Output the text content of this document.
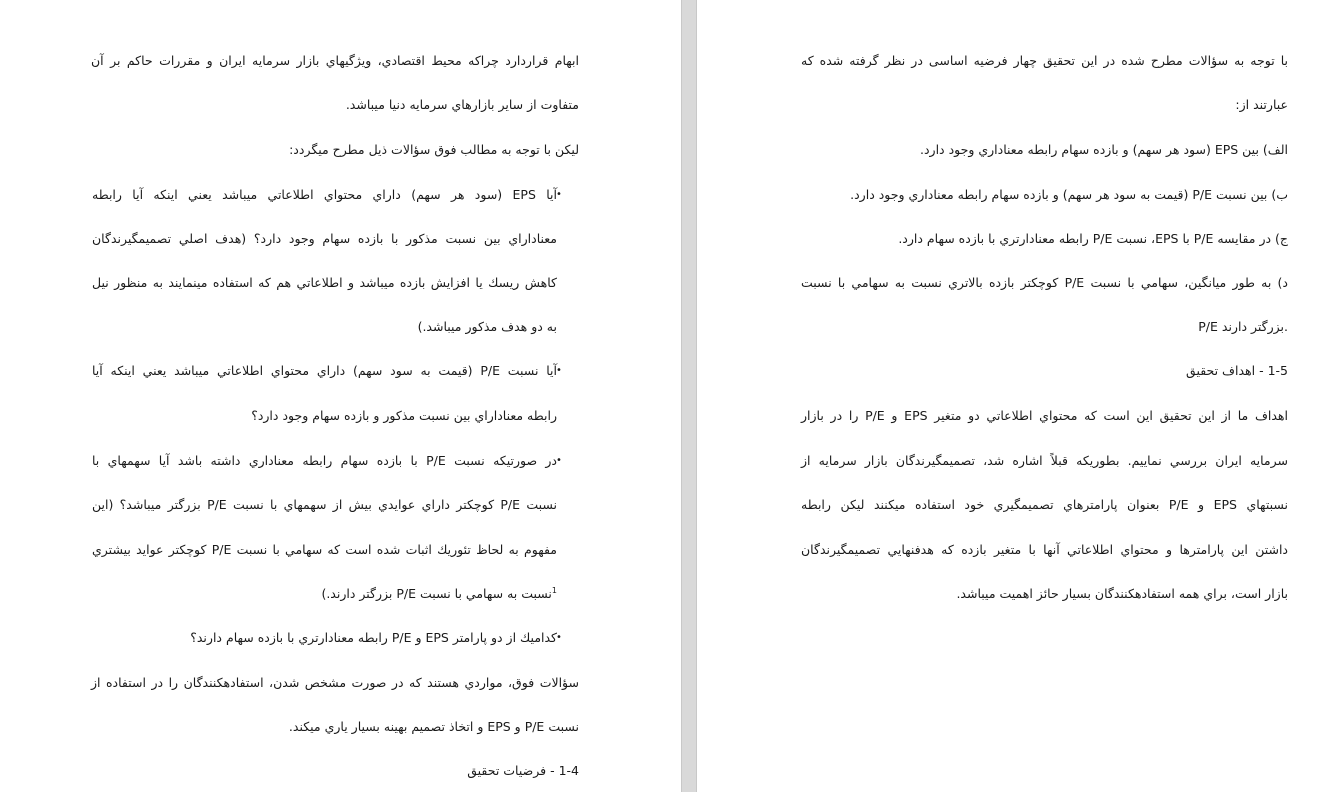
ابهام قراردارد چراکه محیط اقتصادي، ویژگیهاي بازار سرمایه ایران و مقررات حاکم بر آن
متفاوت از سایر بازارهاي سرمایه دنیا ميباشد.
لیکن با توجه به مطالب فوق سؤالات ذیل مطرح ميگردد:
•
آیا EPS (سود هر سهم) داراي محتواي اطلاعاتي ميباشد یعني اینکه آیا رابطه
معناداراي بین نسبت مذکور با بازده سهام وجود دارد؟ (هدف اصلي تصمیمگیرندگان
کاهش ریسك یا افزایش بازده ميباشد و اطلاعاتي هم که استفاده مينمایند به منظور نیل
به دو هدف مذکور ميباشد.)
•
آیا نسبت P/E (قیمت به سود سهم) داراي محتواي اطلاعاتي ميباشد یعني اینکه آیا
رابطه معناداراي بین نسبت مذکور و بازده سهام وجود دارد؟
•
در صورتیکه نسبت P/E با بازده سهام رابطه معناداري داشته باشد آیا سهمهاي با
نسبت P/E کوچکتر داراي عوایدي بیش از سهمهاي با نسبت P/E بزرگتر ميباشد؟ (این
مفهوم به لحاظ تئوریك اثبات شده است که سهامي با نسبت P/E کوچکتر عواید بیشتري
$^1$نسبت به سهامي با نسبت P/E بزرگتر دارند.)
•
کدامیك از دو پارامتر EPS و P/E رابطه معنادارتري با بازده سهام دارند؟
سؤالات فوق، مواردي هستند که در صورت مشخص شدن، استفادهکنندگان را در استفاده از
نسبت P/E و EPS و اتخاذ تصمیم بهینه بسیار یاري ميکند.
1-4 - فرضیات تحقیق
با توجه به سؤالات مطرح شده در این تحقیق چهار فرضیه اساسی در نظر گرفته شده که
عبارتند از:
الف) بین EPS (سود هر سهم) و بازده سهام رابطه معناداري وجود دارد.
ب) بین نسبت P/E (قیمت به سود هر سهم) و بازده سهام رابطه معناداري وجود دارد.
ج) در مقایسه P/E با EPS، نسبت P/E رابطه معنادارتري با بازده سهام دارد.
د) به طور میانگین، سهامي با نسبت P/E کوچکتر بازده بالاتري نسبت به سهامي با نسبت
P/E بزرگتر دارند.
1-5 - اهداف تحقیق
اهداف ما از این تحقیق این است که محتواي اطلاعاتي دو متغیر EPS و P/E را در بازار
سرمایه ایران بررسي نماییم. بطوریکه قبلاً اشاره شد، تصمیمگیرندگان بازار سرمایه از
نسبتهاي EPS و P/E بعنوان پارامترهاي تصمیمگیري خود استفاده ميکنند لیکن رابطه
داشتن این پارامترها و محتواي اطلاعاتي آنها با متغیر بازده که هدفنهایي تصمیمگیرندگان
بازار است، براي همه استفادهکنندگان بسیار حائز اهمیت ميباشد.
